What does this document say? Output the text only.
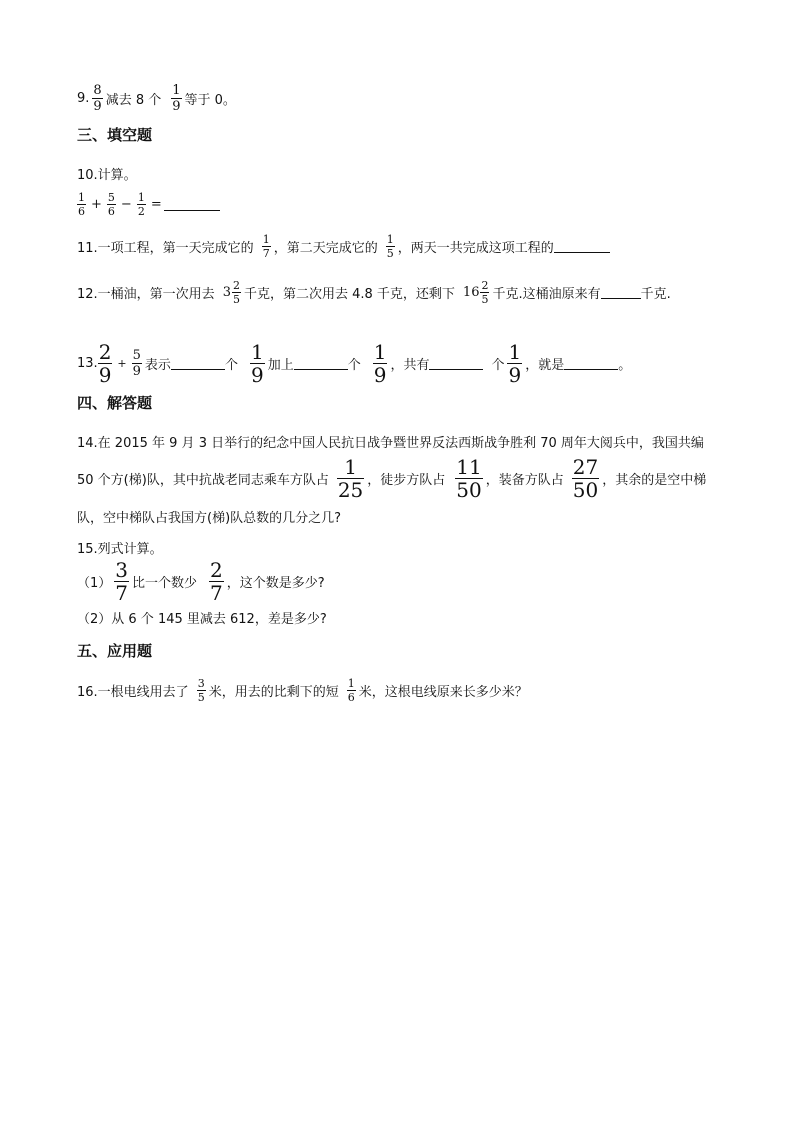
9. $\frac{8}{9}$ 减去 8 个 $\frac{1}{9}$ 等于 0。
三、填空题
10.计算。
$\frac{1}{6} + \frac{5}{6} - \frac{1}{2}$ =
11.一项工程，第一天完成它的 $\frac{1}{7}$ ，第二天完成它的 $\frac{1}{5}$ ，两天一共完成这项工程的
12.一桶油，第一次用去 $3 \frac{2}{5}$ 千克，第二次用去 4.8 千克，还剩下 $16 \frac{2}{5}$ 千克.这桶油原来有	千克.
13. $\frac{2}{9} + \frac{5}{9}$ 表示	个 $\frac{1}{9}$ 加上	个 $\frac{1}{9}$ ，共有	个 $\frac{1}{9}$ ，就是	。
四、解答题
14.在 2015 年 9 月 3 日举行的纪念中国人民抗日战争暨世界反法西斯战争胜利 70 周年大阅兵中，我国共编
50 个方(梯)队，其中抗战老同志乘车方队占 $\frac{1}{25}$ ，徒步方队占 $\frac{11}{50}$ ，装备方队占 $\frac{27}{50}$ ，其余的是空中梯
队，空中梯队占我国方(梯)队总数的几分之几?
15.列式计算。
$(1) \frac{3}{7}$ 比一个数少 $\frac{2}{7}$ ，这个数是多少?
（2）从 6 个 145 里减去 612，差是多少?
五、应用题
16.一根电线用去了 $\frac{3}{5}$ 米，用去的比剩下的短 $\frac{1}{6}$ 米，这根电线原来长多少米？
